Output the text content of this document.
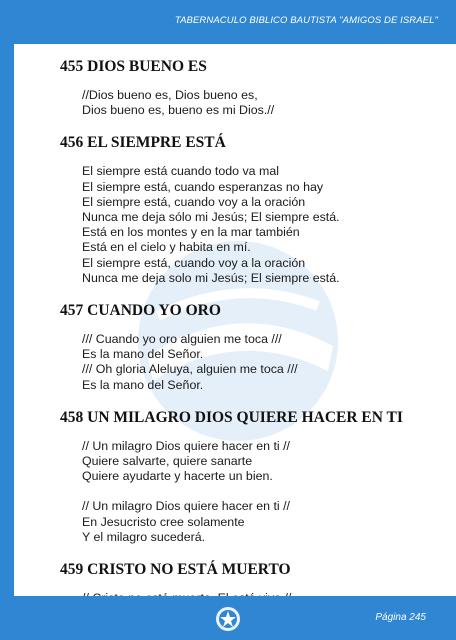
TABERNACULO BIBLICO BAUTISTA "AMIGOS DE ISRAEL"
455 DIOS BUENO ES
//Dios bueno es, Dios bueno es,
Dios bueno es, bueno es mi Dios.//
456 EL SIEMPRE ESTÁ
El siempre está cuando todo va mal
El siempre está, cuando esperanzas no hay
El siempre está, cuando voy a la oración
Nunca me deja sólo mi Jesús; El siempre está.
Está en los montes y en la mar también
Está en el cielo y habita en mí.
El siempre está, cuando voy a la oración
Nunca me deja solo mi Jesús; El siempre está.
457 CUANDO YO ORO
/// Cuando yo oro alguien me toca ///
Es la mano del Señor.
/// Oh gloria Aleluya, alguien me toca ///
Es la mano del Señor.
458 UN MILAGRO DIOS QUIERE HACER EN TI
// Un milagro Dios quiere hacer en ti //
Quiere salvarte, quiere sanarte
Quiere ayudarte y hacerte un bien.
// Un milagro Dios quiere hacer en ti //
En Jesucristo cree solamente
Y el milagro sucederá.
459 CRISTO NO ESTÁ MUERTO
Página 245
